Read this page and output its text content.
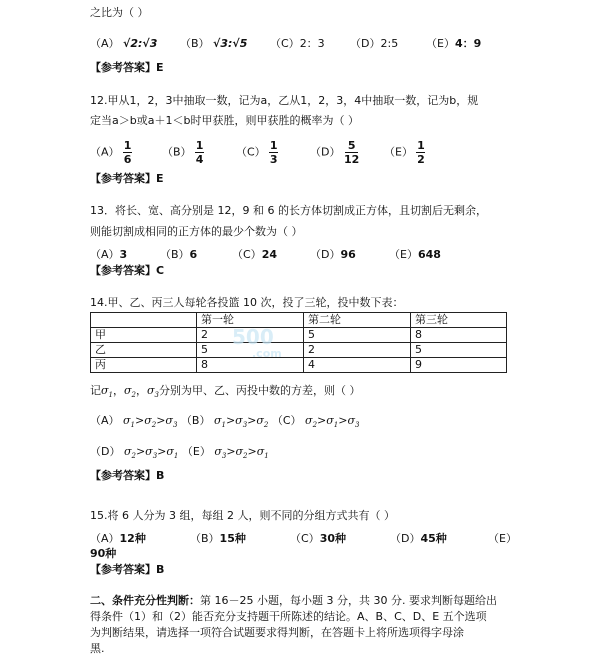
之比为（ ）
（A） √2:√3 （B） √3:√5 （C）2：3 （D）2:5	（E）4：9
【参考答案】E
12.甲从1，2，3中抽取一数，记为a，乙从1，2，3，4中抽取一数，记为b，规
定当a＞b或a＋1＜b时甲获胜，则甲获胜的概率为（ ）
$(A) \frac{1}{6}$	$(B) \frac{1}{4}$	$(C) \frac{1}{3}$	$(D) \frac{5}{12} (E) \frac{1}{2}$
【参考答案】E
13．将长、宽、高分别是 12，9 和 6 的长方体切割成正方体，且切割后无剩余，
则能切割成相同的正方体的最少个数为（ ）
（A）3	（B）6	（C）24	（D）96	（E）648
【参考答案】C
14.甲、乙、丙三人每轮各投篮 10 次，投了三轮，投中数下表：
	第一轮	第二轮	第三轮
甲	2	5	8
乙	5	2	5
丙	8	4	9
500
.com
记$\sigma_1$，$\sigma_2$，$\sigma_3$分别为甲、乙、丙投中数的方差，则（ ）
（A） $\sigma_1>\sigma_2>\sigma_3$ （B） $\sigma_1>\sigma_3>\sigma_2$ （C） $\sigma_2>\sigma_1>\sigma_3$
（D） $\sigma_2>\sigma_3>\sigma_1$ （E） $\sigma_3>\sigma_2>\sigma_1$
【参考答案】B
15.将 6 人分为 3 组，每组 2 人，则不同的分组方式共有（ ）
（A）12种	（B）15种	（C）30种	（D）45种	（E）
90种
【参考答案】B
二、条件充分性判断：第 16－25 小题，每小题 3 分，共 30 分. 要求判断每题给出
得条件（1）和（2）能否充分支持题干所陈述的结论。A、B、C、D、E 五个选项
为判断结果，请选择一项符合试题要求得判断，在答题卡上将所选项得字母涂
黑.
